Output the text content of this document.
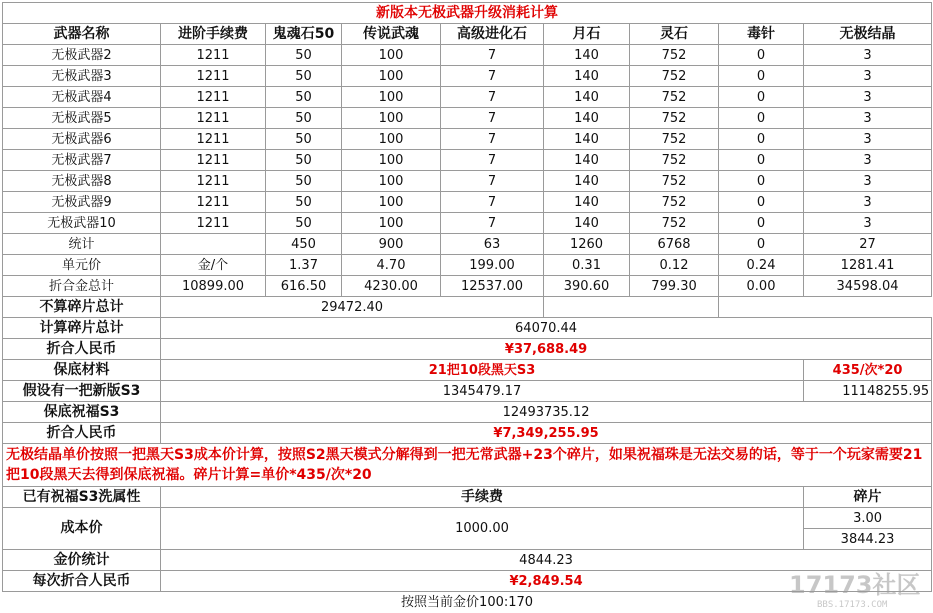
新版本无极武器升级消耗计算								
武器名称	进阶手续费	鬼魂石50	传说武魂	高级进化石	月石	灵石	毒针	无极结晶
无极武器2	1211	50	100	7	140	752	0	3
无极武器3	1211	50	100	7	140	752	0	3
无极武器4	1211	50	100	7	140	752	0	3
无极武器5	1211	50	100	7	140	752	0	3
无极武器6	1211	50	100	7	140	752	0	3
无极武器7	1211	50	100	7	140	752	0	3
无极武器8	1211	50	100	7	140	752	0	3
无极武器9	1211	50	100	7	140	752	0	3
无极武器10	1211	50	100	7	140	752	0	3
统计		450	900	63	1260	6768	0	27
单元价	金/个	1.37	4.70	199.00	0.31	0.12	0.24	1281.41
折合金总计	10899.00	616.50	4230.00	12537.00	390.60	799.30	0.00	34598.04
不算碎片总计	29472.40							
计算碎片总计	64070.44							
折合人民币	¥37,688.49							
保底材料	21把10段黑天S3							435/次*20
假设有一把新版S3	1345479.17							11148255.95
保底祝福S3	12493735.12							
折合人民币	¥7,349,255.95							
无极结晶单价按照一把黑天S3成本价计算，按照S2黑天模式分解得到一把无常武器+23个碎片，如果祝福珠是无法交易的话，等于一个玩家需要21把10段黑天去得到保底祝福。碎片计算=单价*435/次*20								
已有祝福S3洗属性	手续费							碎片
成本价	1000.00							3.00
								3844.23
金价统计	4844.23							
每次折合人民币	¥2,849.54							
按照当前金价100:170								
17173社区
BBS.17173.COM
